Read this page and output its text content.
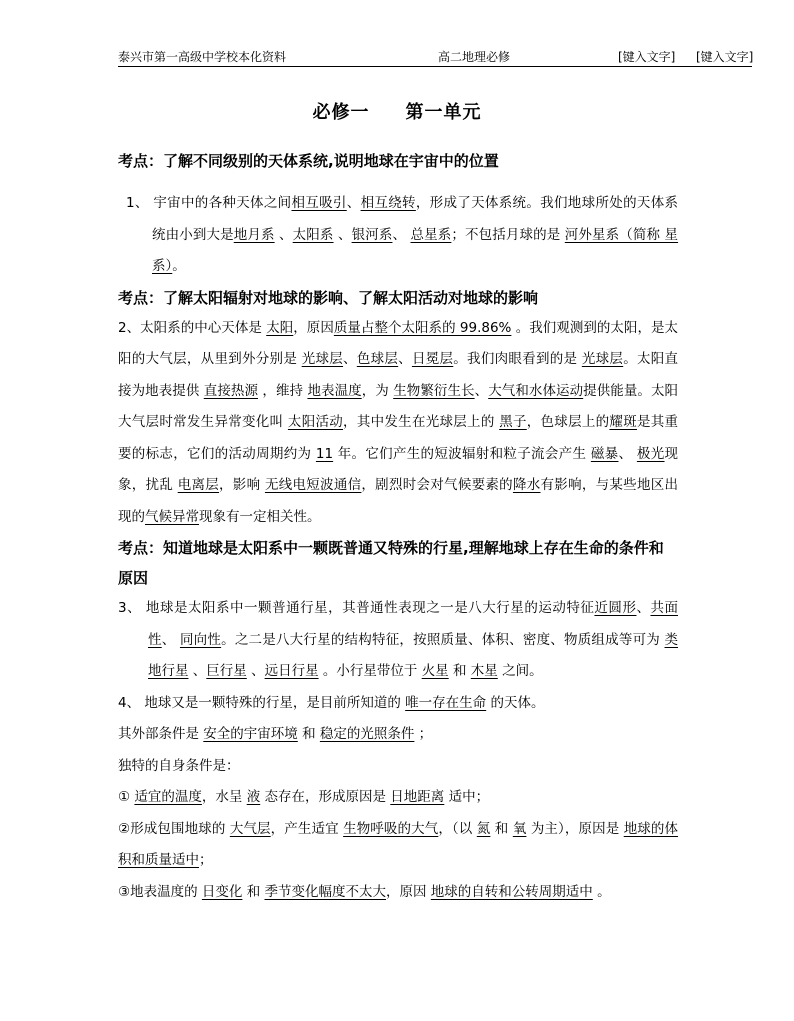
泰兴市第一高级中学校本化资料	高二地理必修	[键入文字] [键入文字]
必修一 第一单元

考点：了解不同级别的天体系统,说明地球在宇宙中的位置

1、 宇宙中的各种天体之间相互吸引、相互绕转，形成了天体系统。我们地球所处的天体系统由小到大是地月系 、太阳系 、银河系、 总星系；不包括月球的是 河外星系（简称 星系）。

考点：了解太阳辐射对地球的影响、了解太阳活动对地球的影响

2、太阳系的中心天体是 太阳，原因质量占整个太阳系的 99.86% 。我们观测到的太阳，是太阳的大气层，从里到外分别是 光球层、色球层、日冕层。我们肉眼看到的是 光球层。太阳直接为地表提供 直接热源 ，维持 地表温度，为 生物繁衍生长、大气和水体运动提供能量。太阳大气层时常发生异常变化叫 太阳活动，其中发生在光球层上的 黑子，色球层上的耀斑是其重要的标志，它们的活动周期约为 11 年。它们产生的短波辐射和粒子流会产生 磁暴、 极光现象，扰乱 电离层，影响 无线电短波通信，剧烈时会对气候要素的降水有影响，与某些地区出现的气候异常现象有一定相关性。

考点：知道地球是太阳系中一颗既普通又特殊的行星,理解地球上存在生命的条件和原因

3、 地球是太阳系中一颗普通行星，其普通性表现之一是八大行星的运动特征近圆形、共面性、 同向性。之二是八大行星的结构特征，按照质量、体积、密度、物质组成等可为 类地行星 、巨行星 、远日行星 。小行星带位于 火星 和 木星 之间。

4、 地球又是一颗特殊的行星，是目前所知道的 唯一存在生命 的天体。

其外部条件是 安全的宇宙环境 和 稳定的光照条件 ；

独特的自身条件是：

① 适宜的温度，水呈 液 态存在，形成原因是 日地距离 适中；

②形成包围地球的 大气层，产生适宜 生物呼吸的大气，（以 氮 和 氧 为主），原因是 地球的体积和质量适中；

③地表温度的 日变化 和 季节变化幅度不太大，原因 地球的自转和公转周期适中 。
